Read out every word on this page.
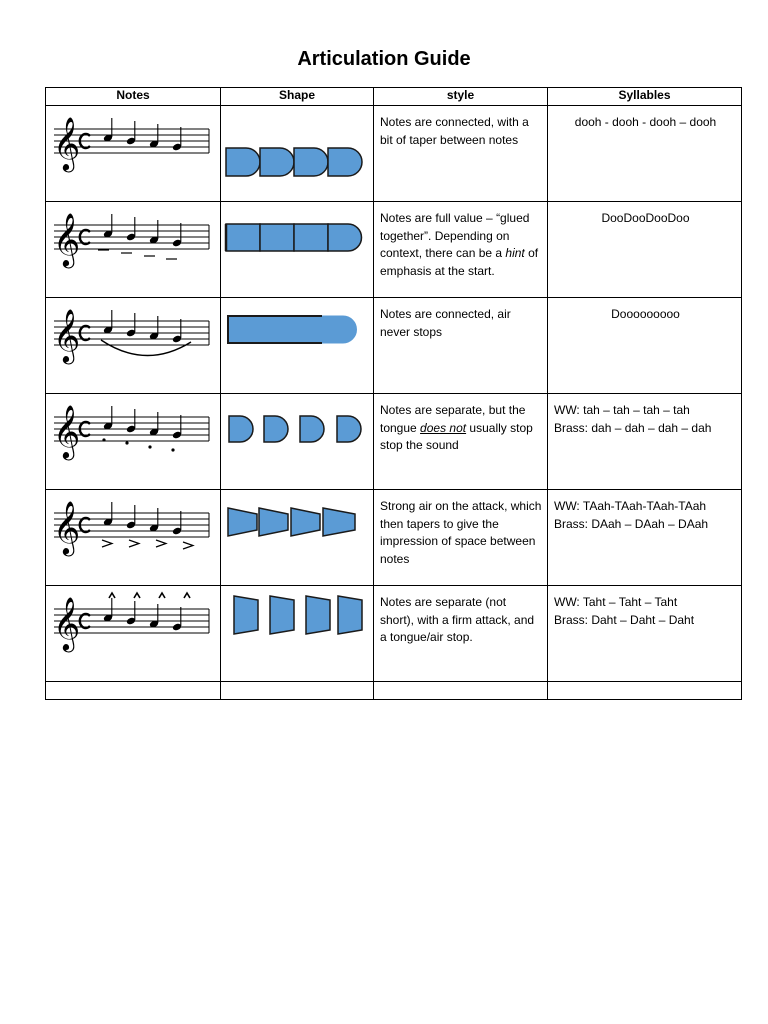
Articulation Guide
Notes	Shape	style	Syllables

𝄞		Notes are connected, with a bit of taper between notes	dooh - dooh - dooh – dooh

𝄞		Notes are full value – “glued together”. Depending on context, there can be a hint of emphasis at the start.	DooDooDooDoo

𝄞		Notes are connected, air never stops	Dooooooooo

𝄞		Notes are separate, but the tongue does not usually stop stop the sound	WW: tah – tah – tah – tah
Brass: dah – dah – dah – dah

𝄞		Strong air on the attack, which then tapers to give the impression of space between notes	WW: TAah-TAah-TAah-TAah
Brass: DAah – DAah – DAah

𝄞		Notes are separate (not short), with a firm attack, and a tongue/air stop.	WW: Taht – Taht – Taht
Brass: Daht – Daht – Daht
